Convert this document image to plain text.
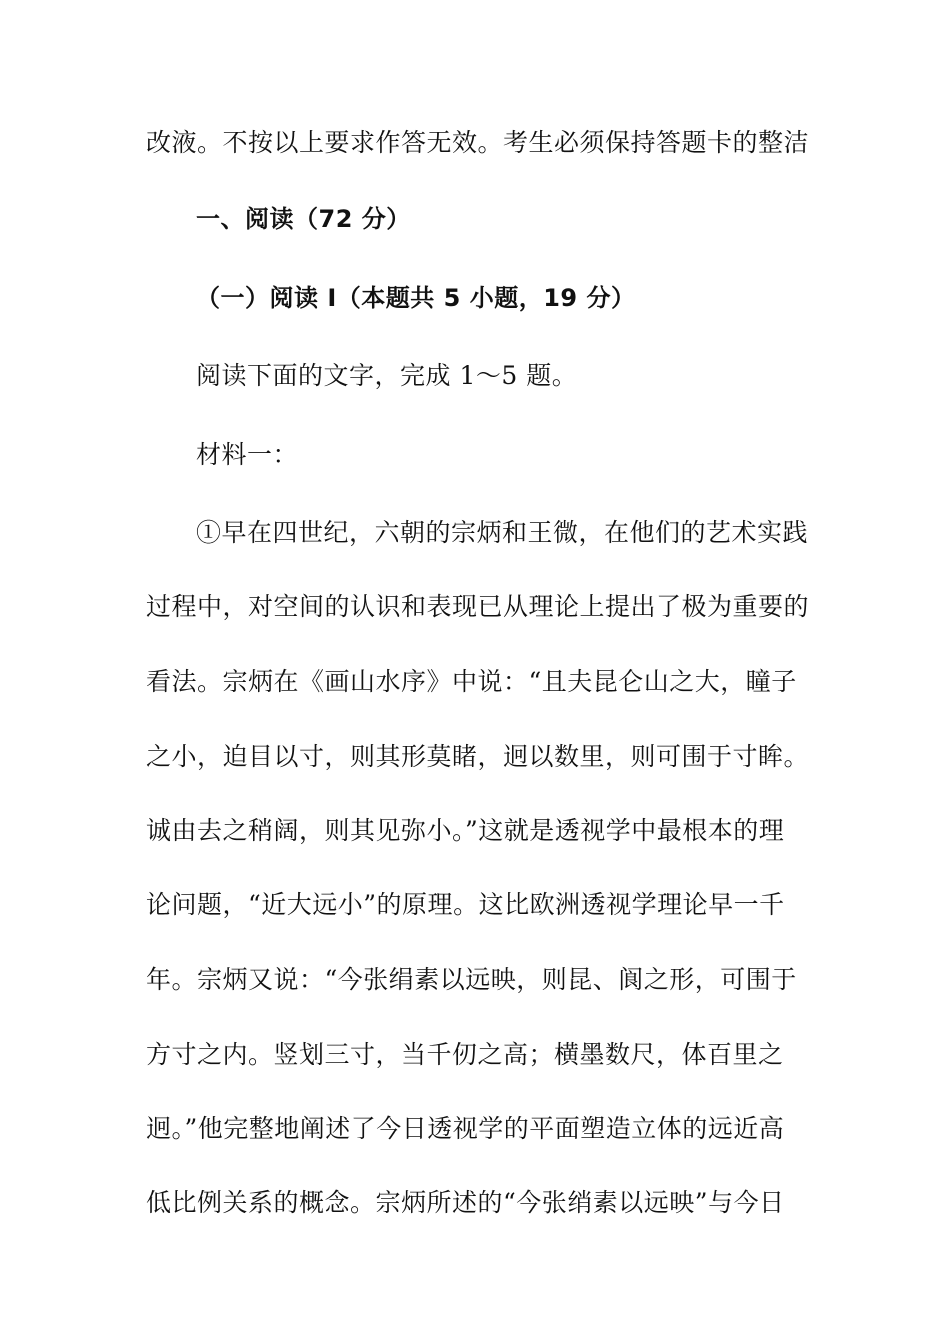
改液。不按以上要求作答无效。考生必须保持答题卡的整洁
一、阅读（72 分）
（一）阅读 I（本题共 5 小题，19 分）
阅读下面的文字，完成 1～5 题。
材料一：
①早在四世纪，六朝的宗炳和王微，在他们的艺术实践
过程中，对空间的认识和表现已从理论上提出了极为重要的
看法。宗炳在《画山水序》中说：“且夫昆仑山之大，瞳子
之小，迫目以寸，则其形莫睹，迥以数里，则可围于寸眸。
诚由去之稍阔，则其见弥小。”这就是透视学中最根本的理
论问题，“近大远小”的原理。这比欧洲透视学理论早一千
年。宗炳又说：“今张绢素以远映，则昆、阆之形，可围于
方寸之内。竖划三寸，当千仞之高；横墨数尺，体百里之
迥。”他完整地阐述了今日透视学的平面塑造立体的远近高
低比例关系的概念。宗炳所述的“今张绡素以远映”与今日
